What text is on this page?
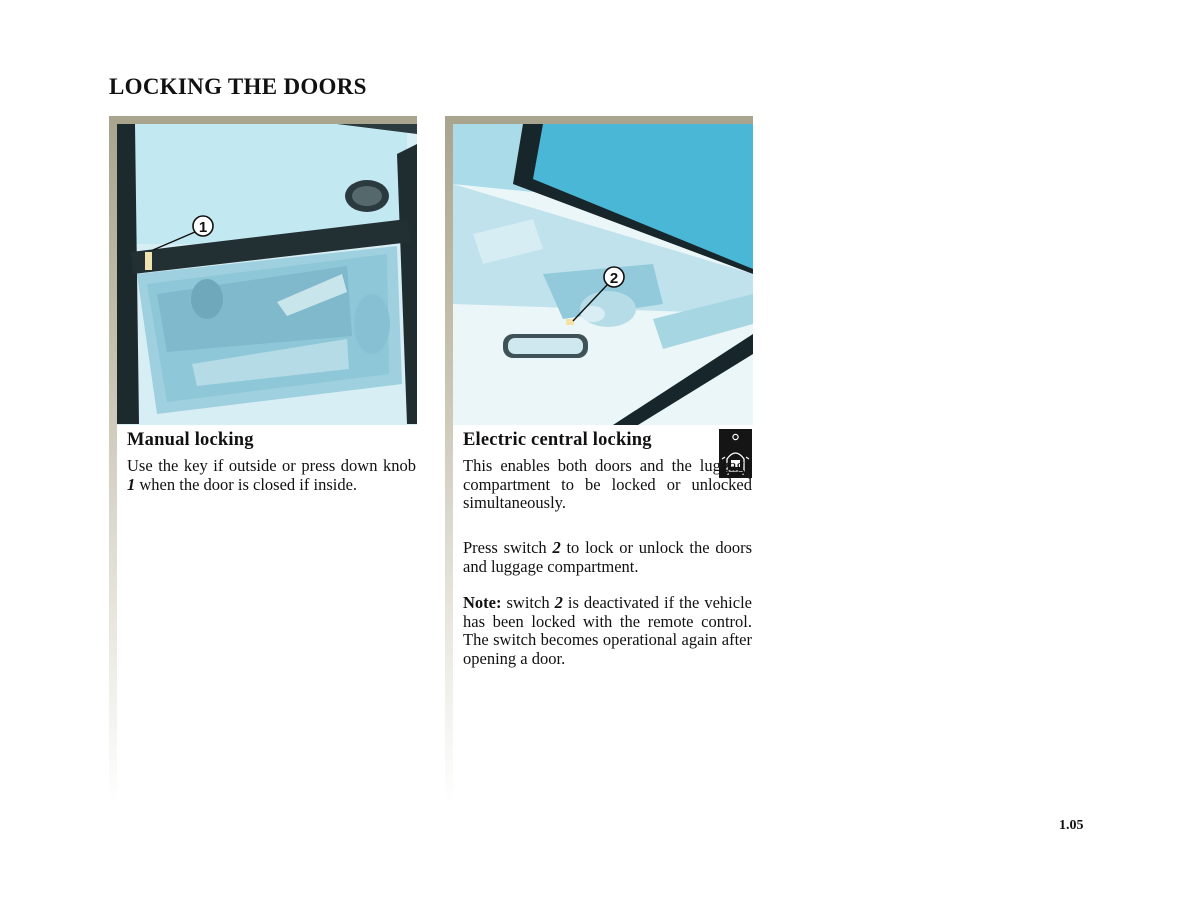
LOCKING THE DOORS
1
Manual locking

Use the key if outside or press down knob 1 when the door is closed if inside.

2
Electric central locking

This enables both doors and the luggage compartment to be locked or unlocked simultaneously.

Press switch 2 to lock or unlock the doors and luggage compartment.

Note: switch 2 is deactivated if the vehicle has been locked with the remote control. The switch becomes operational again after opening a door.

1.05
